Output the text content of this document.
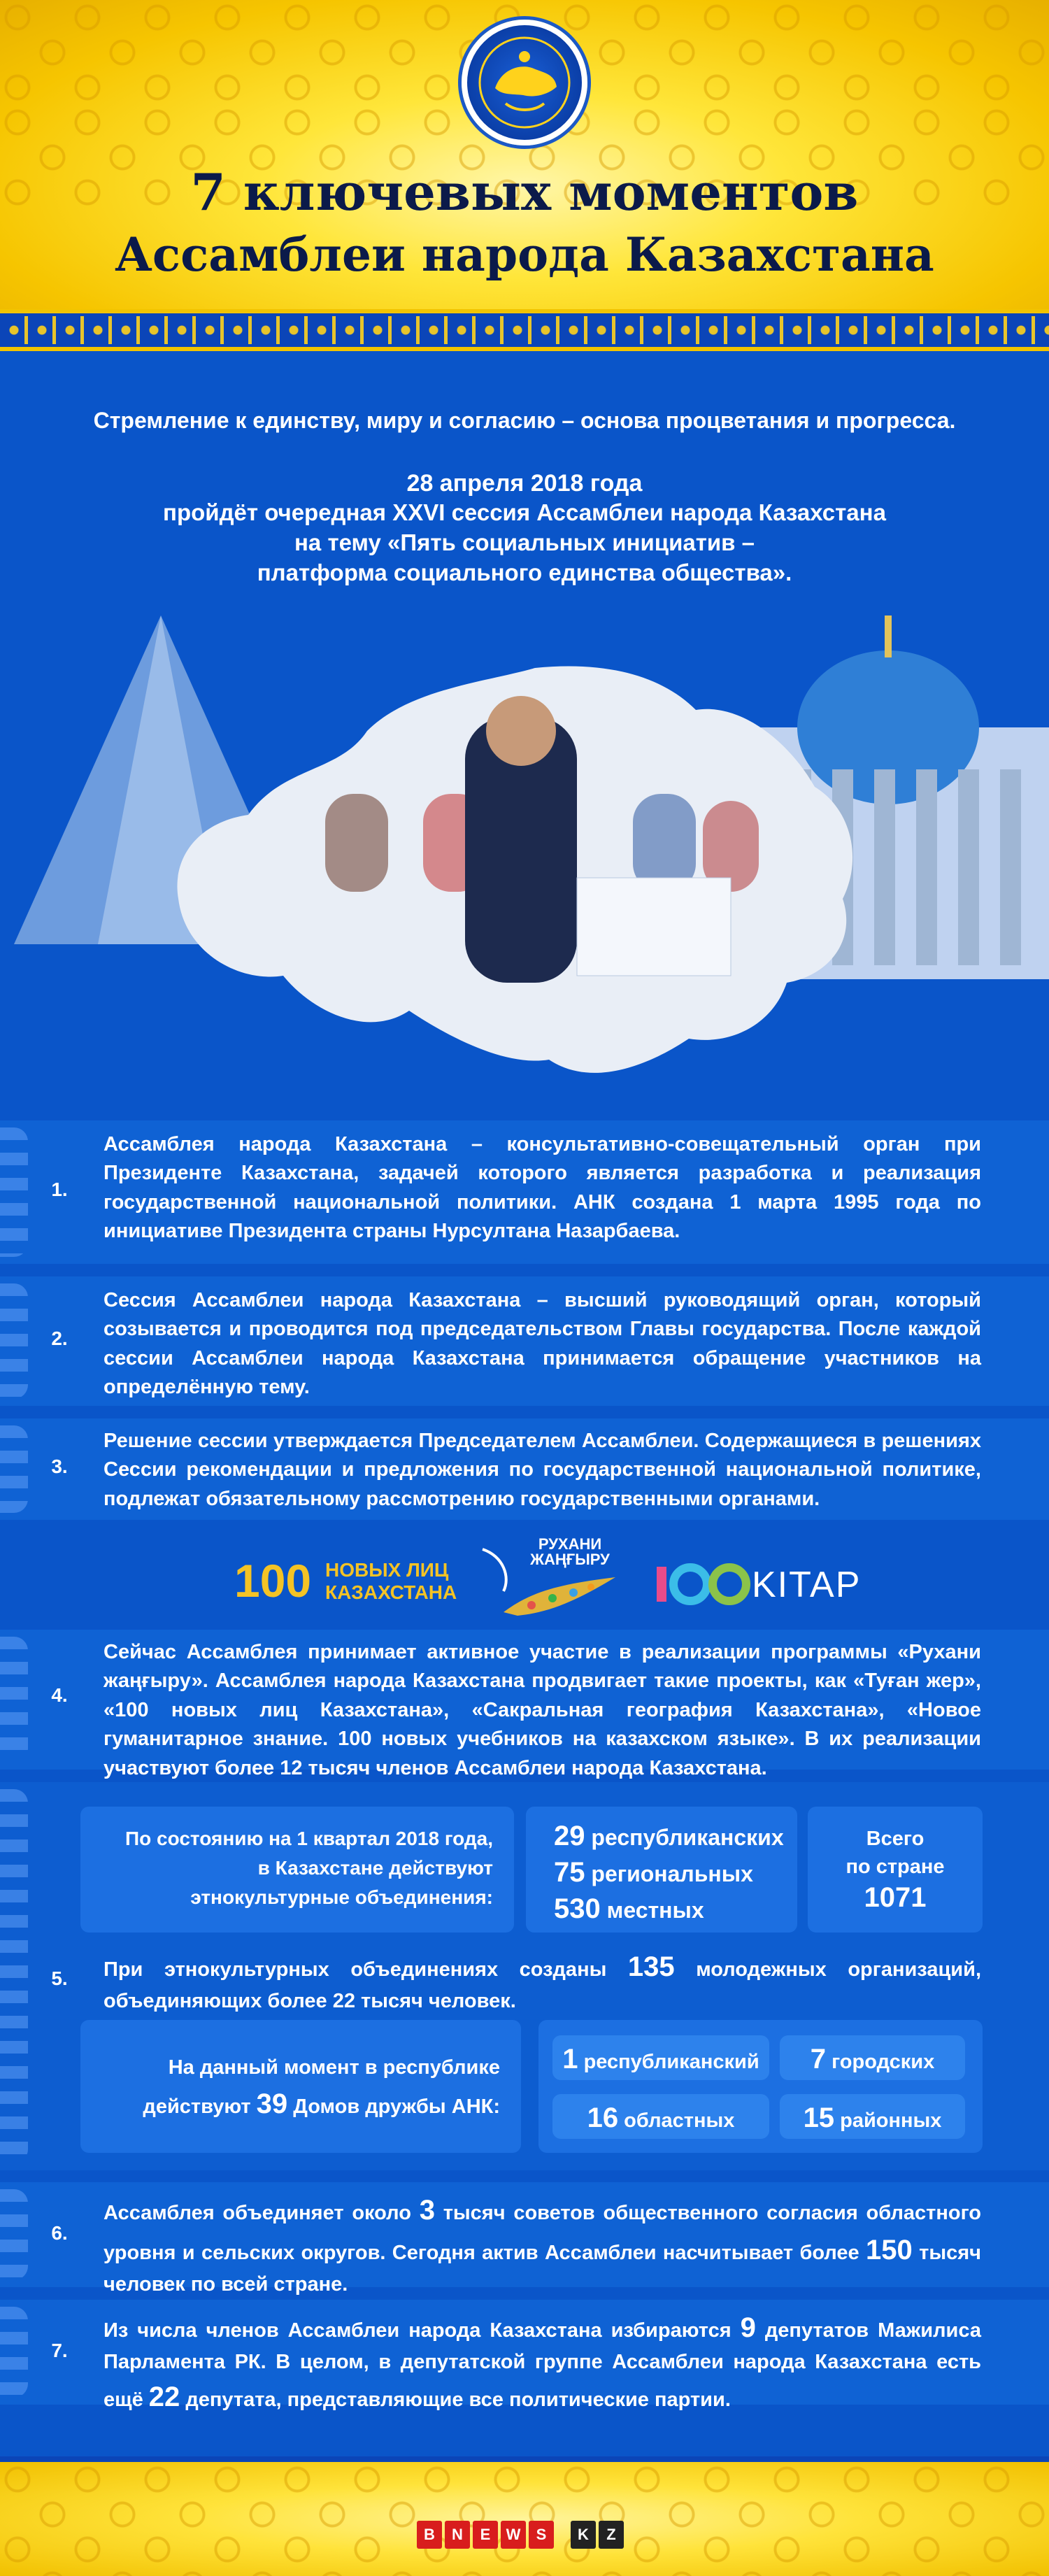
7 ключевых моментов
Ассамблеи народа Казахстана
Стремление к единству, миру и согласию – основа процветания и прогресса.
28 апреля 2018 года
пройдёт очередная XXVI сессия Ассамблеи народа Казахстана
на тему «Пять социальных инициатив –
платформа социального единства общества».
1.
Ассамблея народа Казахстана – консультативно-совещательный орган при Президенте Казахстана, задачей которого является разработка и реализация государственной национальной политики. АНК создана 1 марта 1995 года по инициативе Президента страны Нурсултана Назарбаева.
2.
Сессия Ассамблеи народа Казахстана – высший руководящий орган, который созывается и проводится под председательством Главы государства. После каждой сессии Ассамблеи народа Казахстана принимается обращение участников на определённую тему.
3.
Решение сессии утверждается Председателем Ассамблеи. Содержащиеся в решениях Сессии рекомендации и предложения по государственной национальной политике, подлежат обязательному рассмотрению государственными органами.
100 НОВЫХ ЛИЦ
КАЗАХСТАНА
РУХАНИ
ЖАҢҒЫРУ
KITAP
4.
Сейчас Ассамблея принимает активное участие в реализации программы «Рухани жаңғыру». Ассамблея народа Казахстана продвигает такие проекты, как «Туған жер», «100 новых лиц Казахстана», «Сакральная география Казахстана», «Новое гуманитарное знание. 100 новых учебников на казахском языке». В их реализации участвуют более 12 тысяч членов Ассамблеи народа Казахстана.
5.
По состоянию на 1 квартал 2018 года,
в Казахстане действуют
этнокультурные объединения:
29 республиканских
75 региональных
530 местных
Всего
по стране
1071
При этнокультурных объединениях созданы 135 молодежных организаций, объединяющих более 22 тысяч человек.
На данный момент в республике
действуют 39 Домов дружбы АНК:
1 республиканский	7 городских
16 областных	15 районных
6.
Ассамблея объединяет около 3 тысяч советов общественного согласия областного уровня и сельских округов. Сегодня актив Ассамблеи насчитывает более 150 тысяч человек по всей стране.
7.
Из числа членов Ассамблеи народа Казахстана избираются 9 депутатов Мажилиса Парламента РК. В целом, в депутатской группе Ассамблеи народа Казахстана есть ещё 22 депутата, представляющие все политические партии.
B	N	E	W	S	K	Z
